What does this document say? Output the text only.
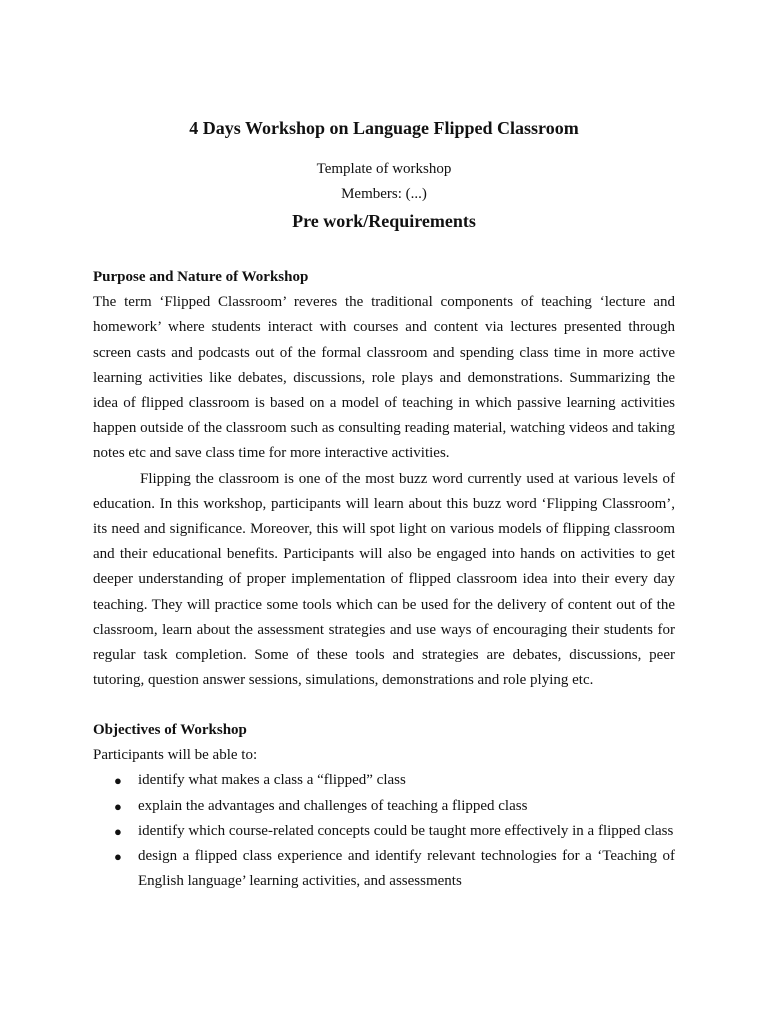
4 Days Workshop on Language Flipped Classroom

Template of workshop

Members: (...)

Pre work/Requirements
Purpose and Nature of Workshop
The term ‘Flipped Classroom’ reveres the traditional components of teaching ‘lecture and homework’ where students interact with courses and content via lectures presented through screen casts and podcasts out of the formal classroom and spending class time in more active learning activities like debates, discussions, role plays and demonstrations. Summarizing the idea of flipped classroom is based on a model of teaching in which passive learning activities happen outside of the classroom such as consulting reading material, watching videos and taking notes etc and save class time for more interactive activities.
Flipping the classroom is one of the most buzz word currently used at various levels of education. In this workshop, participants will learn about this buzz word ‘Flipping Classroom’, its need and significance. Moreover, this will spot light on various models of flipping classroom and their educational benefits. Participants will also be engaged into hands on activities to get deeper understanding of proper implementation of flipped classroom idea into their every day teaching. They will practice some tools which can be used for the delivery of content out of the classroom, learn about the assessment strategies and use ways of encouraging their students for regular task completion. Some of these tools and strategies are debates, discussions, peer tutoring, question answer sessions, simulations, demonstrations and role plying etc.
Objectives of Workshop
Participants will be able to:
● identify what makes a class a “flipped” class
● explain the advantages and challenges of teaching a flipped class
● identify which course-related concepts could be taught more effectively in a flipped class
● design a flipped class experience and identify relevant technologies for a ‘Teaching of English language’ learning activities, and assessments
